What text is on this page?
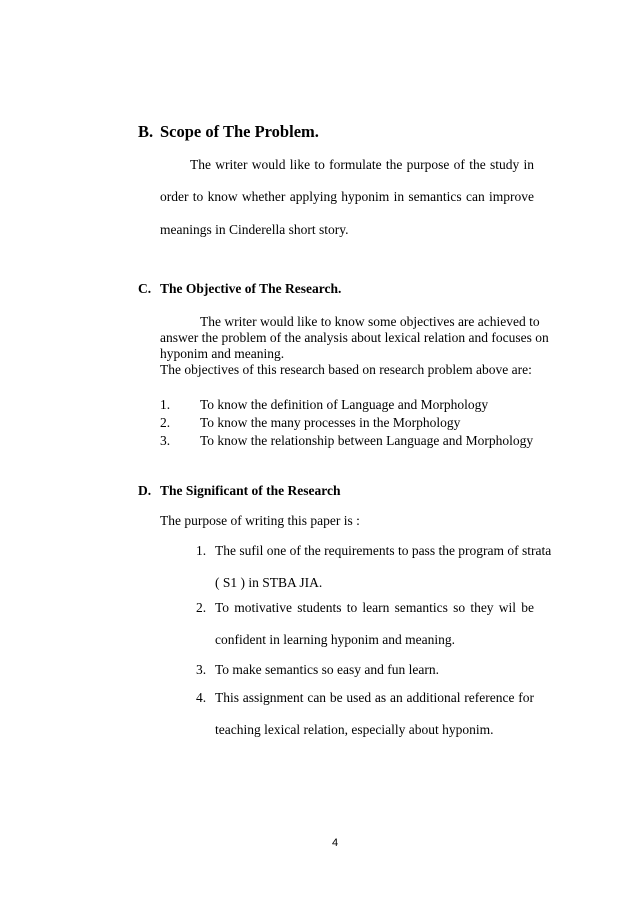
B. Scope of The Problem.
The writer would like to formulate the purpose of the study in
order to know whether applying hyponim in semantics can improve
meanings in Cinderella short story.
C. The Objective of The Research.
The writer would like to know some objectives are achieved to
answer the problem of the analysis about lexical relation and focuses on
hyponim and meaning.
The objectives of this research based on research problem above are:
1. To know the definition of Language and Morphology
2. To know the many processes in the Morphology
3. To know the relationship between Language and Morphology
D. The Significant of the Research
The purpose of writing this paper is :
1. The sufil one of the requirements to pass the program of strata
( S1 ) in STBA JIA.
2. To motivative students to learn semantics so they wil be
confident in learning hyponim and meaning.
3. To make semantics so easy and fun learn.
4. This assignment can be used as an additional reference for
teaching lexical relation, especially about hyponim.
4
